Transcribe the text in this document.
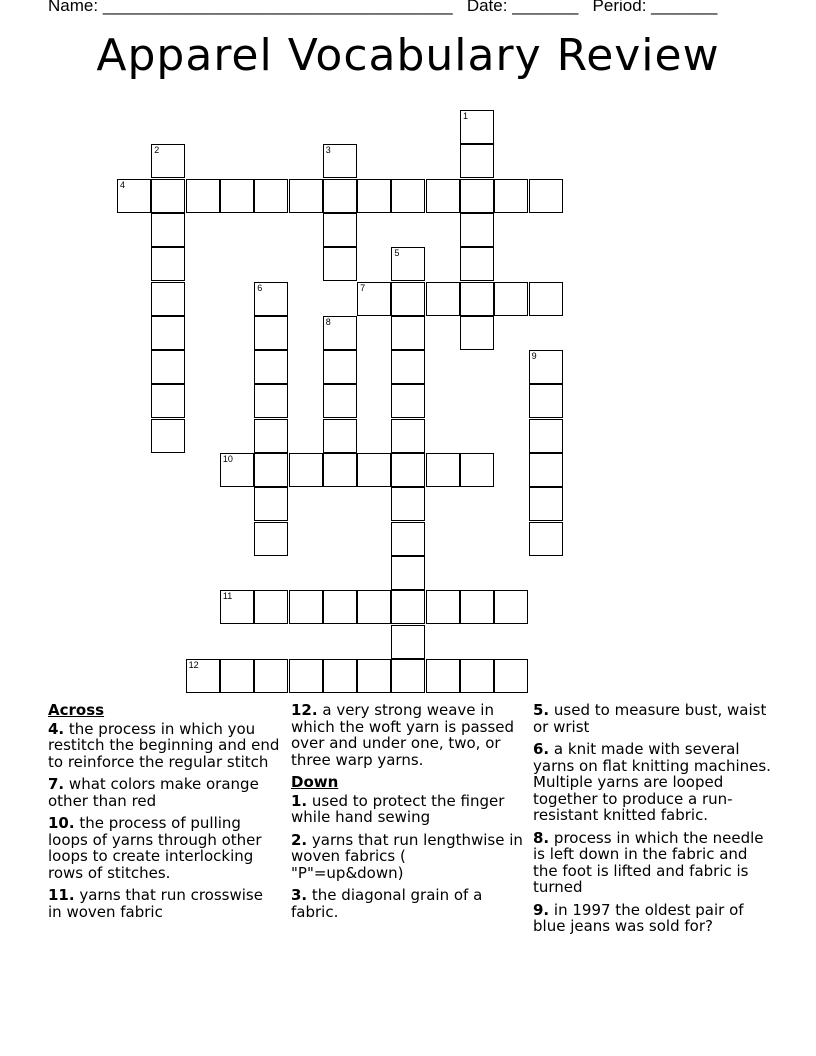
Name: _____________________________________ Date: _______ Period: _______
Apparel Vocabulary Review
1
2	3
4
5
6	7
8
9
10
11
12
Across
4. the process in which you restitch the beginning and end to reinforce the regular stitch
7. what colors make orange other than red
10. the process of pulling loops of yarns through other loops to create interlocking rows of stitches.
11. yarns that run crosswise in woven fabric
12. a very strong weave in which the woft yarn is passed over and under one, two, or three warp yarns.
Down
1. used to protect the finger while hand sewing
2. yarns that run lengthwise in woven fabrics ( "P"=up&down)
3. the diagonal grain of a fabric.
5. used to measure bust, waist or wrist
6. a knit made with several yarns on flat knitting machines. Multiple yarns are looped together to produce a run-resistant knitted fabric.
8. process in which the needle is left down in the fabric and the foot is lifted and fabric is turned
9. in 1997 the oldest pair of blue jeans was sold for?
